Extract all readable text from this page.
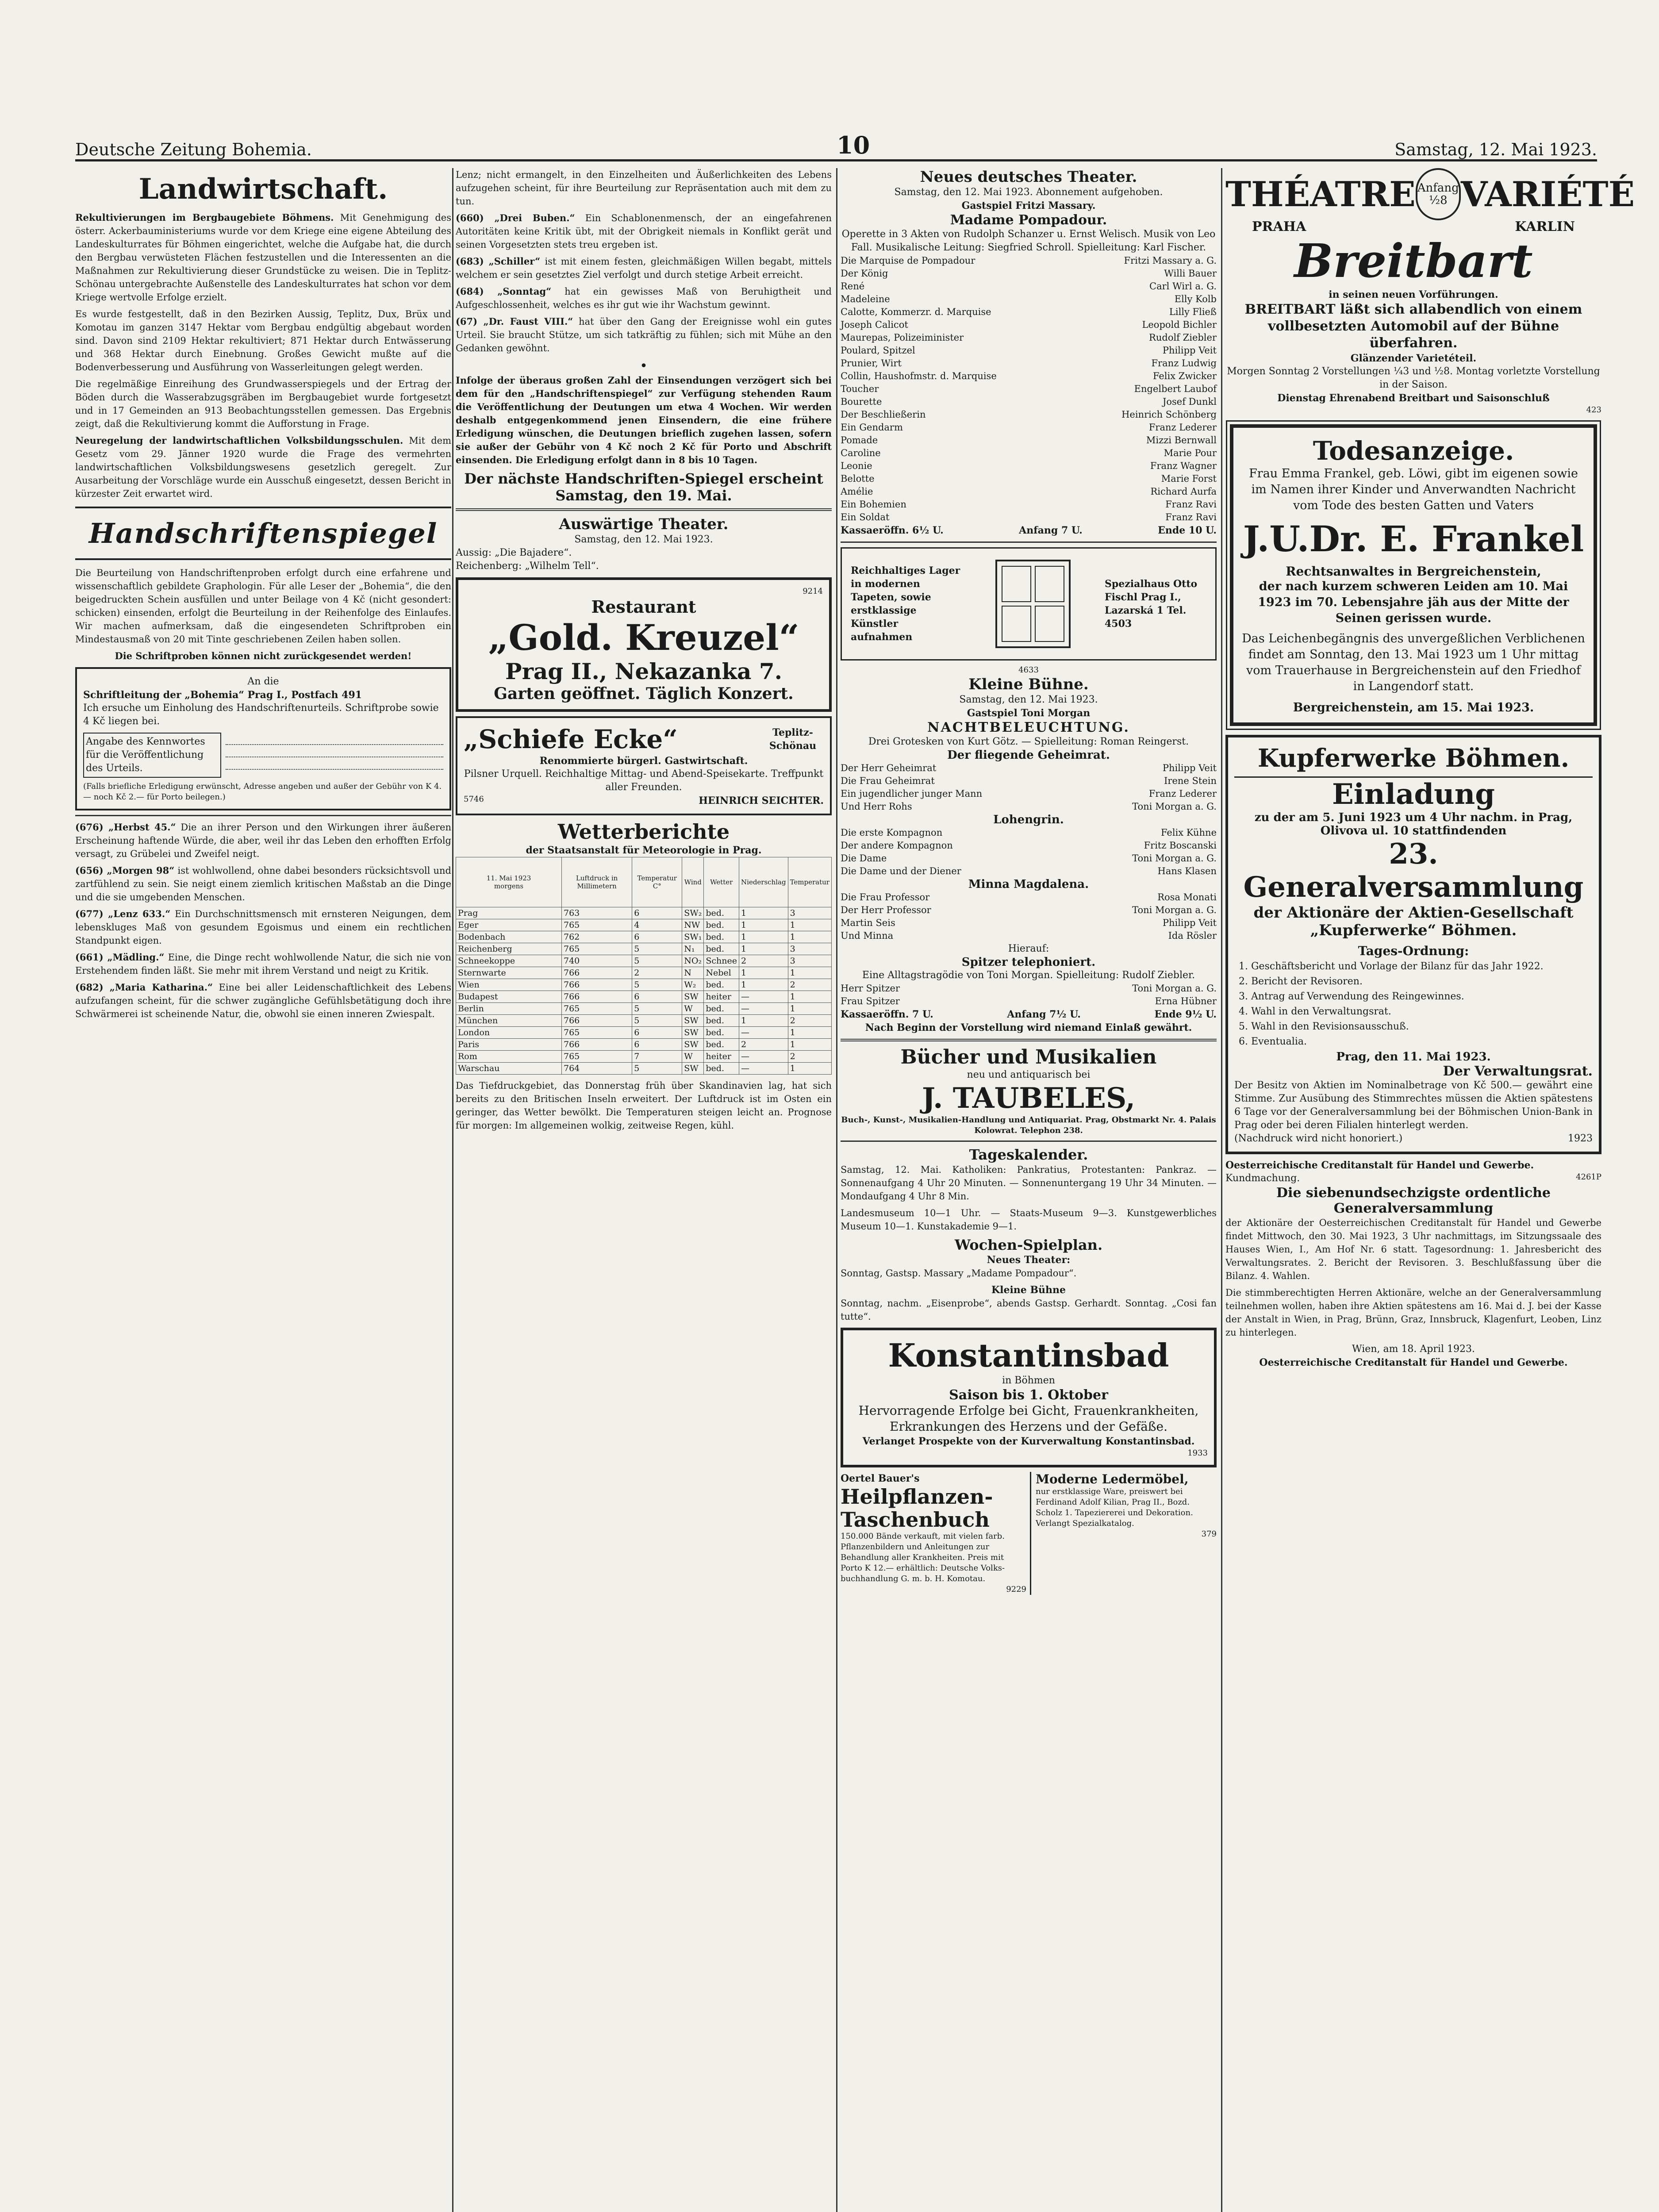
Deutsche Zeitung Bohemia.	10	Samstag, 12. Mai 1923.
Landwirtschaft.

Rekultivierungen im Bergbaugebiete Böhmens. Mit Genehmigung des österr. Ackerbauministeriums wurde vor dem Kriege eine eigene Abteilung des Landeskulturrates für Böhmen eingerichtet, welche die Aufgabe hat, die durch den Bergbau verwüsteten Flächen festzustellen und die Interessenten an die Maßnahmen zur Rekultivierung dieser Grundstücke zu weisen. Die in Teplitz-Schönau untergebrachte Außenstelle des Landeskulturrates hat schon vor dem Kriege wertvolle Erfolge erzielt.

Es wurde festgestellt, daß in den Bezirken Aussig, Teplitz, Dux, Brüx und Komotau im ganzen 3147 Hektar vom Bergbau endgültig abgebaut worden sind. Davon sind 2109 Hektar rekultiviert; 871 Hektar durch Entwässerung und 368 Hektar durch Einebnung. Großes Gewicht mußte auf die Bodenverbesserung und Ausführung von Wasserleitungen gelegt werden.

Die regelmäßige Einreihung des Grundwasserspiegels und der Ertrag der Böden durch die Wasserabzugsgräben im Bergbaugebiet wurde fortgesetzt und in 17 Gemeinden an 913 Beobachtungsstellen gemessen. Das Ergebnis zeigt, daß die Rekultivierung kommt die Aufforstung in Frage.

Neuregelung der landwirtschaftlichen Volksbildungsschulen. Mit dem Gesetz vom 29. Jänner 1920 wurde die Frage des vermehrten landwirtschaftlichen Volksbildungswesens gesetzlich geregelt. Zur Ausarbeitung der Vorschläge wurde ein Ausschuß eingesetzt, dessen Bericht in kürzester Zeit erwartet wird.

Handschriftenspiegel

Die Beurteilung von Handschriftenproben erfolgt durch eine erfahrene und wissenschaftlich gebildete Graphologin. Für alle Leser der „Bohemia“, die den beigedruckten Schein ausfüllen und unter Beilage von 4 Kč (nicht gesondert: schicken) einsenden, erfolgt die Beurteilung in der Reihenfolge des Einlaufes. Wir machen aufmerksam, daß die eingesendeten Schriftproben ein Mindestausmaß von 20 mit Tinte geschriebenen Zeilen haben sollen.

Die Schriftproben können nicht zurückgesendet werden!

An die
Schriftleitung der „Bohemia“ Prag I., Postfach 491
Ich ersuche um Einholung des Handschriftenurteils. Schriftprobe sowie 4 Kč liegen bei.
Angabe des Kennwortes für die Veröffentlichung des Urteils.
(Falls briefliche Erledigung erwünscht, Adresse angeben und außer der Gebühr von K 4.— noch Kč 2.— für Porto beilegen.)

(676) „Herbst 45.“ Die an ihrer Person und den Wirkungen ihrer äußeren Erscheinung haftende Würde, die aber, weil ihr das Leben den erhofften Erfolg versagt, zu Grübelei und Zweifel neigt.

(656) „Morgen 98“ ist wohlwollend, ohne dabei besonders rücksichtsvoll und zartfühlend zu sein. Sie neigt einem ziemlich kritischen Maßstab an die Dinge und die sie umgebenden Menschen.

(677) „Lenz 633.“ Ein Durchschnittsmensch mit ernsteren Neigungen, dem lebenskluges Maß von gesundem Egoismus und einem ein rechtlichen Standpunkt eigen.

(661) „Mädling.“ Eine, die Dinge recht wohlwollende Natur, die sich nie von Erstehendem finden läßt. Sie mehr mit ihrem Verstand und neigt zu Kritik.

(682) „Maria Katharina.“ Eine bei aller Leidenschaftlichkeit des Lebens aufzufangen scheint, für die schwer zugängliche Gefühlsbetätigung doch ihre Schwärmerei ist scheinende Natur, die, obwohl sie einen inneren Zwiespalt.

Lenz; nicht ermangelt, in den Einzelheiten und Äußerlichkeiten des Lebens aufzugehen scheint, für ihre Beurteilung zur Repräsentation auch mit dem zu tun.

(660) „Drei Buben.“ Ein Schablonenmensch, der an eingefahrenen Autoritäten keine Kritik übt, mit der Obrigkeit niemals in Konflikt gerät und seinen Vorgesetzten stets treu ergeben ist.

(683) „Schiller“ ist mit einem festen, gleichmäßigen Willen begabt, mittels welchem er sein gesetztes Ziel verfolgt und durch stetige Arbeit erreicht.

(684) „Sonntag“ hat ein gewisses Maß von Beruhigtheit und Aufgeschlossenheit, welches es ihr gut wie ihr Wachstum gewinnt.

(67) „Dr. Faust VIII.“ hat über den Gang der Ereignisse wohl ein gutes Urteil. Sie braucht Stütze, um sich tatkräftig zu fühlen; sich mit Mühe an den Gedanken gewöhnt.

•

Infolge der überaus großen Zahl der Einsendungen verzögert sich bei dem für den „Handschriftenspiegel“ zur Verfügung stehenden Raum die Veröffentlichung der Deutungen um etwa 4 Wochen. Wir werden deshalb entgegenkommend jenen Einsendern, die eine frühere Erledigung wünschen, die Deutungen brieflich zugehen lassen, sofern sie außer der Gebühr von 4 Kč noch 2 Kč für Porto und Abschrift einsenden. Die Erledigung erfolgt dann in 8 bis 10 Tagen.

Der nächste Handschriften-Spiegel erscheint Samstag, den 19. Mai.
Auswärtige Theater.
Samstag, den 12. Mai 1923.
Aussig: „Die Bajadere“.
Reichenberg: „Wilhelm Tell“.
9214
Restaurant
„Gold. Kreuzel“
Prag II., Nekazanka 7.
Garten geöffnet. Täglich Konzert.
„Schiefe Ecke“	Teplitz-Schönau
Renommierte bürgerl. Gastwirtschaft.
Pilsner Urquell. Reichhaltige Mittag- und Abend-Speisekarte. Treffpunkt aller Freunden.
5746	HEINRICH SEICHTER.
Wetterberichte
der Staatsanstalt für Meteorologie in Prag.
11. Mai 1923
morgens	Luftdruck in Millimetern	Temperatur C°	Wind	Wetter	Niederschlag	Temperatur
Prag	763	6	SW₂	bed.	1	3
Eger	765	4	NW	bed.	1	1
Bodenbach	762	6	SW₁	bed.	1	1
Reichenberg	765	5	N₁	bed.	1	3
Schneekoppe	740	5	NO₂	Schnee	2	3
Sternwarte	766	2	N	Nebel	1	1
Wien	766	5	W₂	bed.	1	2
Budapest	766	6	SW	heiter	—	1
Berlin	765	5	W	bed.	—	1
München	766	5	SW	bed.	1	2
London	765	6	SW	bed.	—	1
Paris	766	6	SW	bed.	2	1
Rom	765	7	W	heiter	—	2
Warschau	764	5	SW	bed.	—	1

Das Tiefdruckgebiet, das Donnerstag früh über Skandinavien lag, hat sich bereits zu den Britischen Inseln erweitert. Der Luftdruck ist im Osten ein geringer, das Wetter bewölkt. Die Temperaturen steigen leicht an. Prognose für morgen: Im allgemeinen wolkig, zeitweise Regen, kühl.

Neues deutsches Theater.
Samstag, den 12. Mai 1923. Abonnement aufgehoben.
Gastspiel Fritzi Massary.
Madame Pompadour.
Operette in 3 Akten von Rudolph Schanzer u. Ernst Welisch. Musik von Leo Fall. Musikalische Leitung: Siegfried Schroll. Spielleitung: Karl Fischer.
Die Marquise de Pompadour	Fritzi Massary a. G.
Der König	Willi Bauer
René	Carl Wirl a. G.
Madeleine	Elly Kolb
Calotte, Kommerzr. d. Marquise	Lilly Fließ
Joseph Calicot	Leopold Bichler
Maurepas, Polizeiminister	Rudolf Ziebler
Poulard, Spitzel	Philipp Veit
Prunier, Wirt	Franz Ludwig
Collin, Haushofmstr. d. Marquise	Felix Zwicker
Toucher	Engelbert Laubof
Bourette	Josef Dunkl
Der Beschließerin	Heinrich Schönberg
Ein Gendarm	Franz Lederer
Pomade	Mizzi Bernwall
Caroline	Marie Pour
Leonie	Franz Wagner
Belotte	Marie Forst
Amélie	Richard Aurfa
Ein Bohemien	Franz Ravi
Ein Soldat	Franz Ravi
Kassaeröffn. 6½ U.	Anfang 7 U.	Ende 10 U.
Reichhaltiges Lager in modernen Tapeten, sowie erstklassige Künstler aufnahmen
Spezialhaus Otto Fischl Prag I., Lazarská 1 Tel. 4503
4633
Kleine Bühne.
Samstag, den 12. Mai 1923.
Gastspiel Toni Morgan
NACHTBELEUCHTUNG.
Drei Grotesken von Kurt Götz. — Spielleitung: Roman Reingerst.
Der fliegende Geheimrat.
Der Herr Geheimrat	Philipp Veit
Die Frau Geheimrat	Irene Stein
Ein jugendlicher junger Mann	Franz Lederer
Und Herr Rohs	Toni Morgan a. G.
Lohengrin.
Die erste Kompagnon	Felix Kühne
Der andere Kompagnon	Fritz Boscanski
Die Dame	Toni Morgan a. G.
Die Dame und der Diener	Hans Klasen
Minna Magdalena.
Die Frau Professor	Rosa Monati
Der Herr Professor	Toni Morgan a. G.
Martin Seis	Philipp Veit
Und Minna	Ida Rösler
Hierauf:
Spitzer telephoniert.
Eine Alltagstragödie von Toni Morgan. Spielleitung: Rudolf Ziebler.
Herr Spitzer	Toni Morgan a. G.
Frau Spitzer	Erna Hübner
Kassaeröffn. 7 U.	Anfang 7½ U.	Ende 9½ U.
Nach Beginn der Vorstellung wird niemand Einlaß gewährt.
Bücher und Musikalien
neu und antiquarisch bei
J. TAUBELES,
Buch-, Kunst-, Musikalien-Handlung und Antiquariat. Prag, Obstmarkt Nr. 4. Palais Kolowrat. Telephon 238.
Tageskalender.

Samstag, 12. Mai. Katholiken: Pankratius, Protestanten: Pankraz. — Sonnenaufgang 4 Uhr 20 Minuten. — Sonnenuntergang 19 Uhr 34 Minuten. — Mondaufgang 4 Uhr 8 Min.

Landesmuseum 10—1 Uhr. — Staats-Museum 9—3. Kunstgewerbliches Museum 10—1. Kunstakademie 9—1.

Wochen-Spielplan.
Neues Theater:

Sonntag, Gastsp. Massary „Madame Pompadour“.

Kleine Bühne

Sonntag, nachm. „Eisenprobe“, abends Gastsp. Gerhardt. Sonntag. „Cosi fan tutte“.

Konstantinsbad
in Böhmen
Saison bis 1. Oktober
Hervorragende Erfolge bei Gicht, Frauenkrankheiten, Erkrankungen des Herzens und der Gefäße.
Verlanget Prospekte von der Kurverwaltung Konstantinsbad.
1933
Oertel Bauer's
Heilpflanzen-Taschenbuch
150.000 Bände verkauft, mit vielen farb. Pflanzenbildern und Anleitungen zur Behandlung aller Krankheiten. Preis mit Porto K 12.— erhältlich: Deutsche Volks-buchhandlung G. m. b. H. Komotau.
9229
Moderne Ledermöbel,
nur erstklassige Ware, preiswert bei Ferdinand Adolf Kilian, Prag II., Bozd. Scholz 1. Tapeziererei und Dekoration. Verlangt Spezialkatalog.
379
THÉATRE Anfang ½8 VARIÉTÉ
PRAHA	KARLIN
Breitbart
in seinen neuen Vorführungen.
BREITBART läßt sich allabendlich von einem vollbesetzten Automobil auf der Bühne überfahren.
Glänzender Varietéteil.
Morgen Sonntag 2 Vorstellungen ¼3 und ½8. Montag vorletzte Vorstellung in der Saison.
Dienstag Ehrenabend Breitbart und Saisonschluß
423
Todesanzeige.
Frau Emma Frankel, geb. Löwi, gibt im eigenen sowie im Namen ihrer Kinder und Anverwandten Nachricht vom Tode des besten Gatten und Vaters
J.U.Dr. E. Frankel
Rechtsanwaltes in Bergreichenstein,
der nach kurzem schweren Leiden am 10. Mai 1923 im 70. Lebensjahre jäh aus der Mitte der Seinen gerissen wurde.
Das Leichenbegängnis des unvergeßlichen Verblichenen findet am Sonntag, den 13. Mai 1923 um 1 Uhr mittag vom Trauerhause in Bergreichenstein auf den Friedhof in Langendorf statt.
Bergreichenstein, am 15. Mai 1923.
Kupferwerke Böhmen.
Einladung
zu der am 5. Juni 1923 um 4 Uhr nachm. in Prag, Olivova ul. 10 stattfindenden
23. Generalversammlung
der Aktionäre der Aktien-Gesellschaft „Kupferwerke“ Böhmen.
Tages-Ordnung:
1. Geschäftsbericht und Vorlage der Bilanz für das Jahr 1922.
2. Bericht der Revisoren.
3. Antrag auf Verwendung des Reingewinnes.
4. Wahl in den Verwaltungsrat.
5. Wahl in den Revisionsausschuß.
6. Eventualia.
Prag, den 11. Mai 1923.
Der Verwaltungsrat.
Der Besitz von Aktien im Nominalbetrage von Kč 500.— gewährt eine Stimme. Zur Ausübung des Stimmrechtes müssen die Aktien spätestens 6 Tage vor der Generalversammlung bei der Böhmischen Union-Bank in Prag oder bei deren Filialen hinterlegt werden.
(Nachdruck wird nicht honoriert.)	1923
Oesterreichische Creditanstalt für Handel und Gewerbe.
Kundmachung.	4261P
Die siebenundsechzigste ordentliche Generalversammlung

der Aktionäre der Oesterreichischen Creditanstalt für Handel und Gewerbe findet Mittwoch, den 30. Mai 1923, 3 Uhr nachmittags, im Sitzungssaale des Hauses Wien, I., Am Hof Nr. 6 statt. Tagesordnung: 1. Jahresbericht des Verwaltungsrates. 2. Bericht der Revisoren. 3. Beschlußfassung über die Bilanz. 4. Wahlen.

Die stimmberechtigten Herren Aktionäre, welche an der Generalversammlung teilnehmen wollen, haben ihre Aktien spätestens am 16. Mai d. J. bei der Kasse der Anstalt in Wien, in Prag, Brünn, Graz, Innsbruck, Klagenfurt, Leoben, Linz zu hinterlegen.

Wien, am 18. April 1923.
Oesterreichische Creditanstalt für Handel und Gewerbe.
